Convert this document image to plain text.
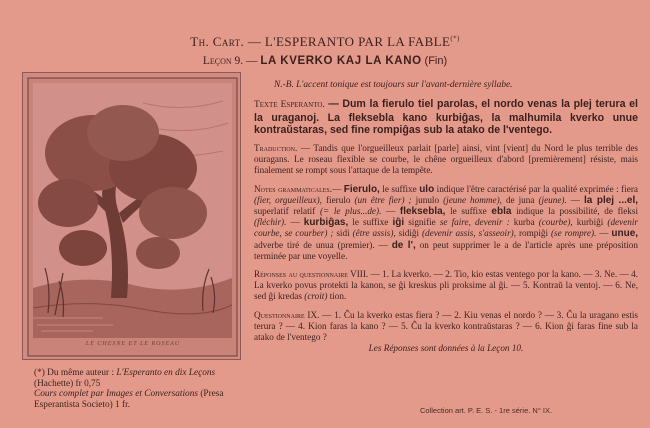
Th. Cart. — L'ESPERANTO PAR LA FABLE(*)
Leçon 9. — LA KVERKO KAJ LA KANO (Fin)
LE CHESNE ET LE ROSEAU
(*) Du même auteur : L'Esperanto en dix Leçons (Hachette) fr 0,75
Cours complet par Images et Conversations (Presa Esperantista Societo) 1 fr.

N.-B. L'accent tonique est toujours sur l'avant-dernière syllabe.

Texte Esperanto. — Dum la fierulo tiel parolas, el nordo venas la plej terura el la uraganoj. La fleksebla kano kurbiĝas, la malhumila kverko unue kontraŭstaras, sed fine rompiĝas sub la atako de l'ventego.

Traduction. — Tandis que l'orgueilleux parlait [parle] ainsi, vint [vient] du Nord le plus terrible des ouragans. Le roseau flexible se courbe, le chêne orgueilleux d'abord [premièrement] résiste, mais finalement se rompt sous l'attaque de la tempête.

Notes grammaticales.— Fierulo, le suffixe ulo indique l'être caractérisé par la qualité exprimée : fiera (fier, orgueilleux), fierulo (un être fier) ; junulo (jeune homme), de juna (jeune). — la plej ...el, superlatif relatif (= le plus...de). — fleksebla, le suffixe ebla indique la possibilité, de fleksi (fléchir). — kurbiĝas, le suffixe iĝi signifie se faire, devenir : kurba (courbe), kurbiĝi (devenir courbe, se courber) ; sidi (être assis), sidiĝi (devenir assis, s'asseoir), rompiĝi (se rompre). — unue, adverbe tiré de unua (premier). — de l', on peut supprimer le a de l'article après une préposition terminée par une voyelle.

Réponses au questionnaire VIII. — 1. La kverko. — 2. Tio, kio estas ventego por la kano. — 3. Ne. — 4. La kverko povus protekti la kanon, se ĝi kreskus pli proksime al ĝi. — 5. Kontraŭ la ventoj. — 6. Ne, sed ĝi kredas (croit) tion.

Questionnaire IX. — 1. Ĉu la kverko estas fiera ? — 2. Kiu venas el nordo ? — 3. Ĉu la uragano estis terura ? — 4. Kion faras la kano ? — 5. Ĉu la kverko kontraŭstaras ? — 6. Kion ĝi faras fine sub la atako de l'ventego ?

Les Réponses sont données à la Leçon 10.

Collection art. P. E. S. - 1re série. N° IX.
